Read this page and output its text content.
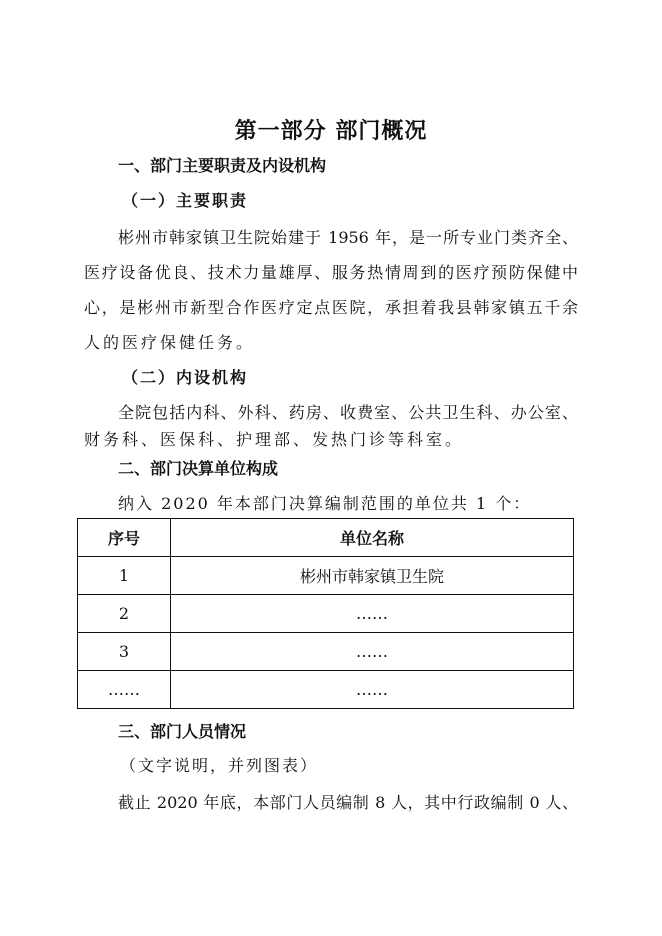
第一部分 部门概况
一、部门主要职责及内设机构
（一）主要职责
彬州市韩家镇卫生院始建于 1956 年，是一所专业门类齐全、
医疗设备优良、技术力量雄厚、服务热情周到的医疗预防保健中
心，是彬州市新型合作医疗定点医院，承担着我县韩家镇五千余
人的医疗保健任务。
（二）内设机构
全院包括内科、外科、药房、收费室、公共卫生科、办公室、
财务科、医保科、护理部、发热门诊等科室。
二、部门决算单位构成
纳入 2020 年本部门决算编制范围的单位共 1 个：
序号	单位名称
1	彬州市韩家镇卫生院
2	……
3	……
……	……
三、部门人员情况
（文字说明，并列图表）
截止 2020 年底，本部门人员编制 8 人，其中行政编制 0 人、
